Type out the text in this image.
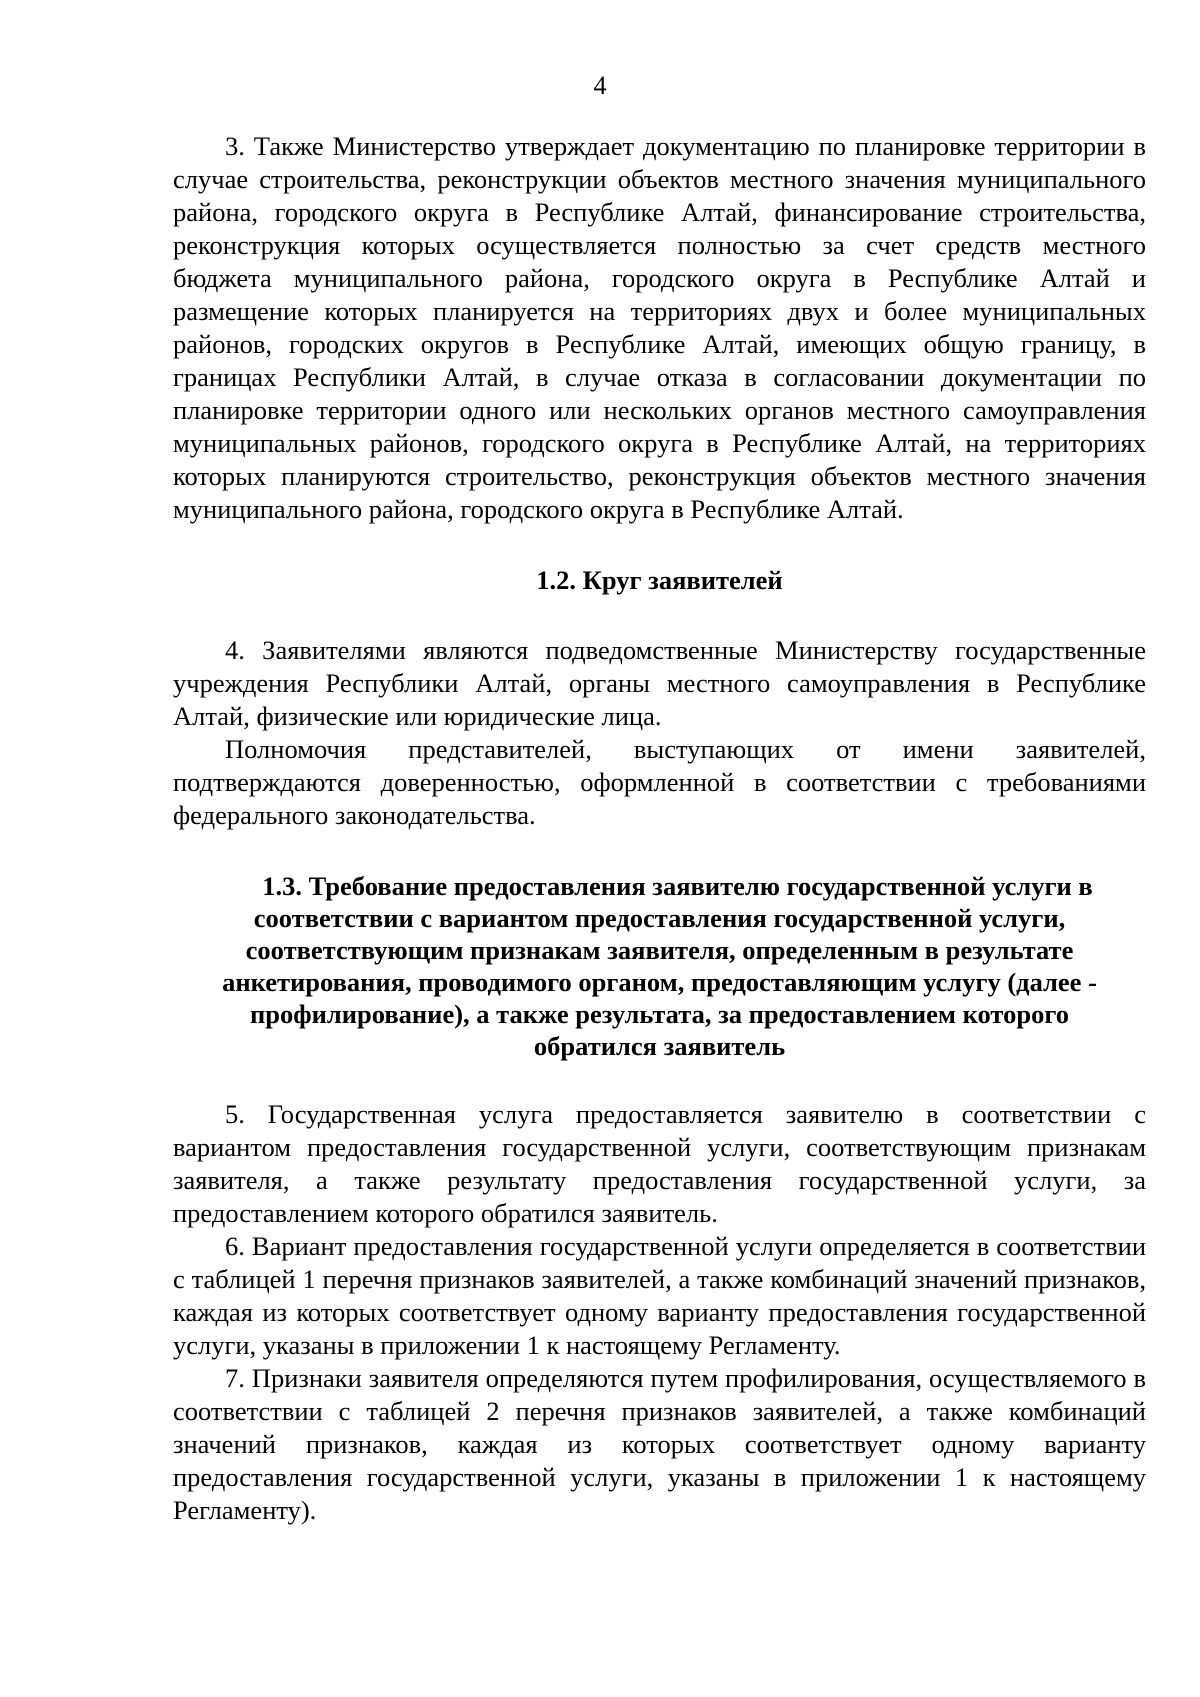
4

3. Также Министерство утверждает документацию по планировке территории в случае строительства, реконструкции объектов местного значения муниципального района, городского округа в Республике Алтай, финансирование строительства, реконструкция которых осуществляется полностью за счет средств местного бюджета муниципального района, городского округа в Республике Алтай и размещение которых планируется на территориях двух и более муниципальных районов, городских округов в Республике Алтай, имеющих общую границу, в границах Республики Алтай, в случае отказа в согласовании документации по планировке территории одного или нескольких органов местного самоуправления муниципальных районов, городского округа в Республике Алтай, на территориях которых планируются строительство, реконструкция объектов местного значения муниципального района, городского округа в Республике Алтай.

1.2. Круг заявителей

4. Заявителями являются подведомственные Министерству государственные учреждения Республики Алтай, органы местного самоуправления в Республике Алтай, физические или юридические лица.

Полномочия представителей, выступающих от имени заявителей, подтверждаются доверенностью, оформленной в соответствии с требованиями федерального законодательства.

1.3. Требование предоставления заявителю государственной услуги в соответствии с вариантом предоставления государственной услуги, соответствующим признакам заявителя, определенным в результате анкетирования, проводимого органом, предоставляющим услугу (далее - профилирование), а также результата, за предоставлением которого обратился заявитель

5. Государственная услуга предоставляется заявителю в соответствии с вариантом предоставления государственной услуги, соответствующим признакам заявителя, а также результату предоставления государственной услуги, за предоставлением которого обратился заявитель.

6. Вариант предоставления государственной услуги определяется в соответствии с таблицей 1 перечня признаков заявителей, а также комбинаций значений признаков, каждая из которых соответствует одному варианту предоставления государственной услуги, указаны в приложении 1 к настоящему Регламенту.

7. Признаки заявителя определяются путем профилирования, осуществляемого в соответствии с таблицей 2 перечня признаков заявителей, а также комбинаций значений признаков, каждая из которых соответствует одному варианту предоставления государственной услуги, указаны в приложении 1 к настоящему Регламенту).
